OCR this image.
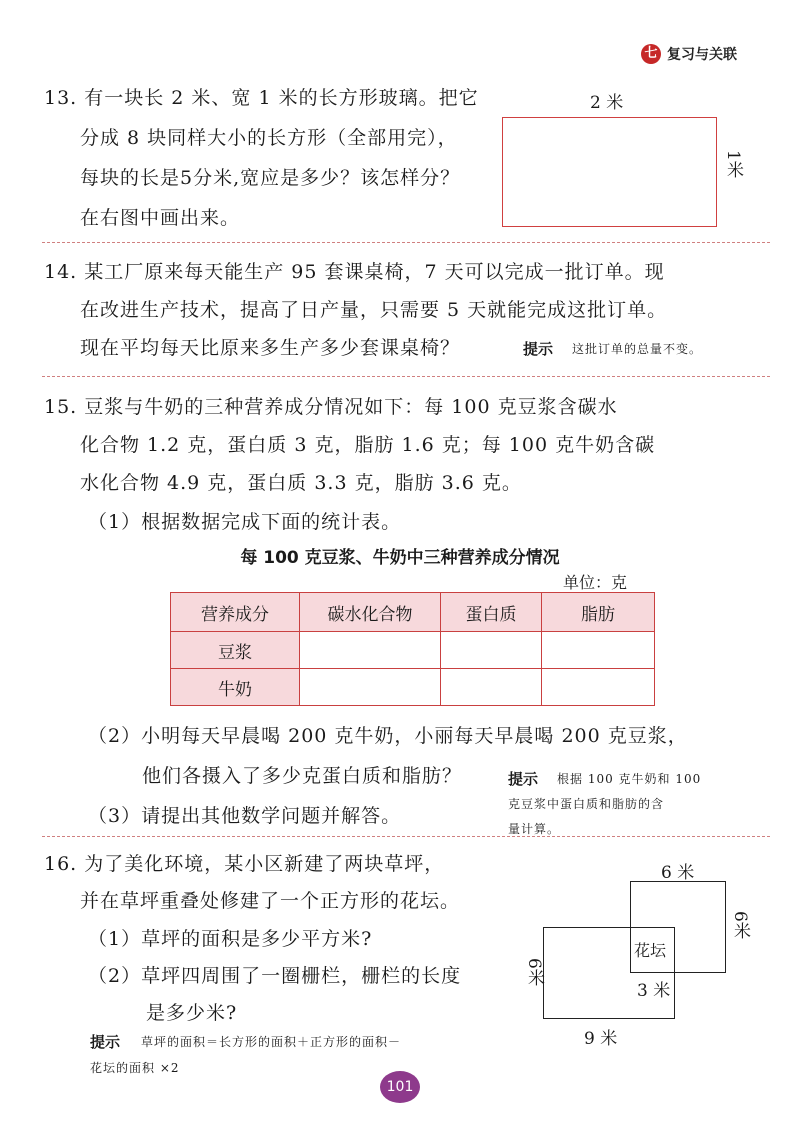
七 复习与关联
13. 有一块长 2 米、宽 1 米的长方形玻璃。把它
分成 8 块同样大小的长方形（全部用完），
每块的长是5分米,宽应是多少？该怎样分？
在右图中画出来。
2 米
1米
14. 某工厂原来每天能生产 95 套课桌椅，7 天可以完成一批订单。现
在改进生产技术，提高了日产量，只需要 5 天就能完成这批订单。
现在平均每天比原来多生产多少套课桌椅？	提示 这批订单的总量不变。
15. 豆浆与牛奶的三种营养成分情况如下：每 100 克豆浆含碳水
化合物 1.2 克，蛋白质 3 克，脂肪 1.6 克；每 100 克牛奶含碳
水化合物 4.9 克，蛋白质 3.3 克，脂肪 3.6 克。
（1）根据数据完成下面的统计表。
每 100 克豆浆、牛奶中三种营养成分情况
单位：克
营养成分	碳水化合物	蛋白质	脂肪
豆浆			
牛奶			
（2）小明每天早晨喝 200 克牛奶，小丽每天早晨喝 200 克豆浆，
他们各摄入了多少克蛋白质和脂肪？
（3）请提出其他数学问题并解答。
提示 根据 100 克牛奶和 100
克豆浆中蛋白质和脂肪的含
量计算。
16. 为了美化环境，某小区新建了两块草坪，
并在草坪重叠处修建了一个正方形的花坛。
（1）草坪的面积是多少平方米?
（2）草坪四周围了一圈栅栏，栅栏的长度
是多少米?
提示 草坪的面积＝长方形的面积＋正方形的面积－
花坛的面积 ×2
6 米
花坛
3 米
6米
6米
9 米
101
